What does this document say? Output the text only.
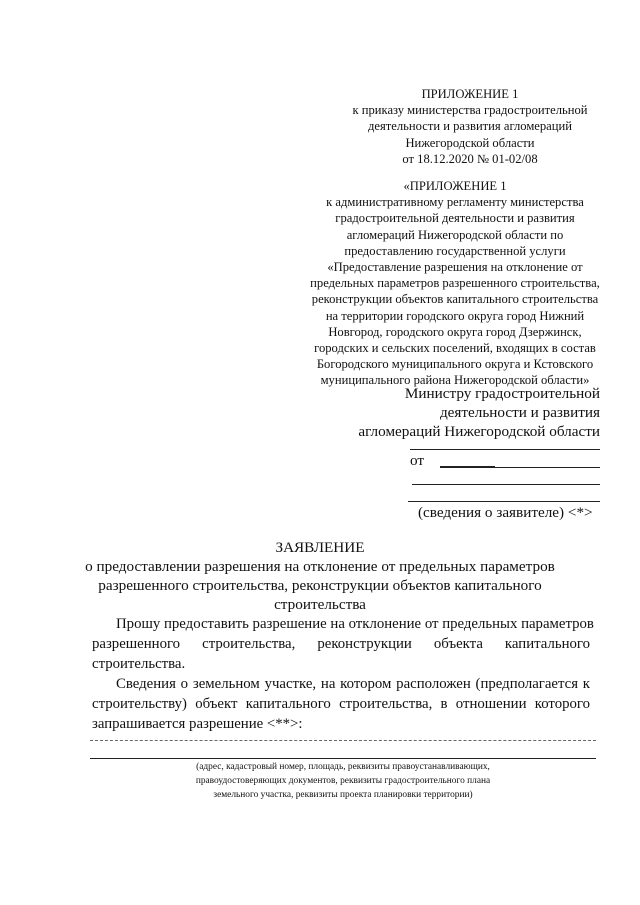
ПРИЛОЖЕНИЕ 1
к приказу министерства градостроительной
деятельности и развития агломераций
Нижегородской области
от 18.12.2020 № 01-02/08
«ПРИЛОЖЕНИЕ 1
к административному регламенту министерства
градостроительной деятельности и развития
агломераций Нижегородской области по
предоставлению государственной услуги
«Предоставление разрешения на отклонение от
предельных параметров разрешенного строительства,
реконструкции объектов капитального строительства
на территории городского округа город Нижний
Новгород, городского округа город Дзержинск,
городских и сельских поселений, входящих в состав
Богородского муниципального округа и Кстовского
муниципального района Нижегородской области»
Министру градостроительной
деятельности и развития
агломераций Нижегородской области
от
(сведения о заявителе) <*>
ЗАЯВЛЕНИЕ
о предоставлении разрешения на отклонение от предельных параметров
разрешенного строительства, реконструкции объектов капитального
строительства
Прошу предоставить разрешение на отклонение от предельных параметров
разрешенного строительства, реконструкции объекта капитального
строительства.
Сведения о земельном участке, на котором расположен (предполагается к
строительству) объект капитального строительства, в отношении которого
запрашивается разрешение <**>:
(адрес, кадастровый номер, площадь, реквизиты правоустанавливающих,
правоудостоверяющих документов, реквизиты градостроительного плана
земельного участка, реквизиты проекта планировки территории)
